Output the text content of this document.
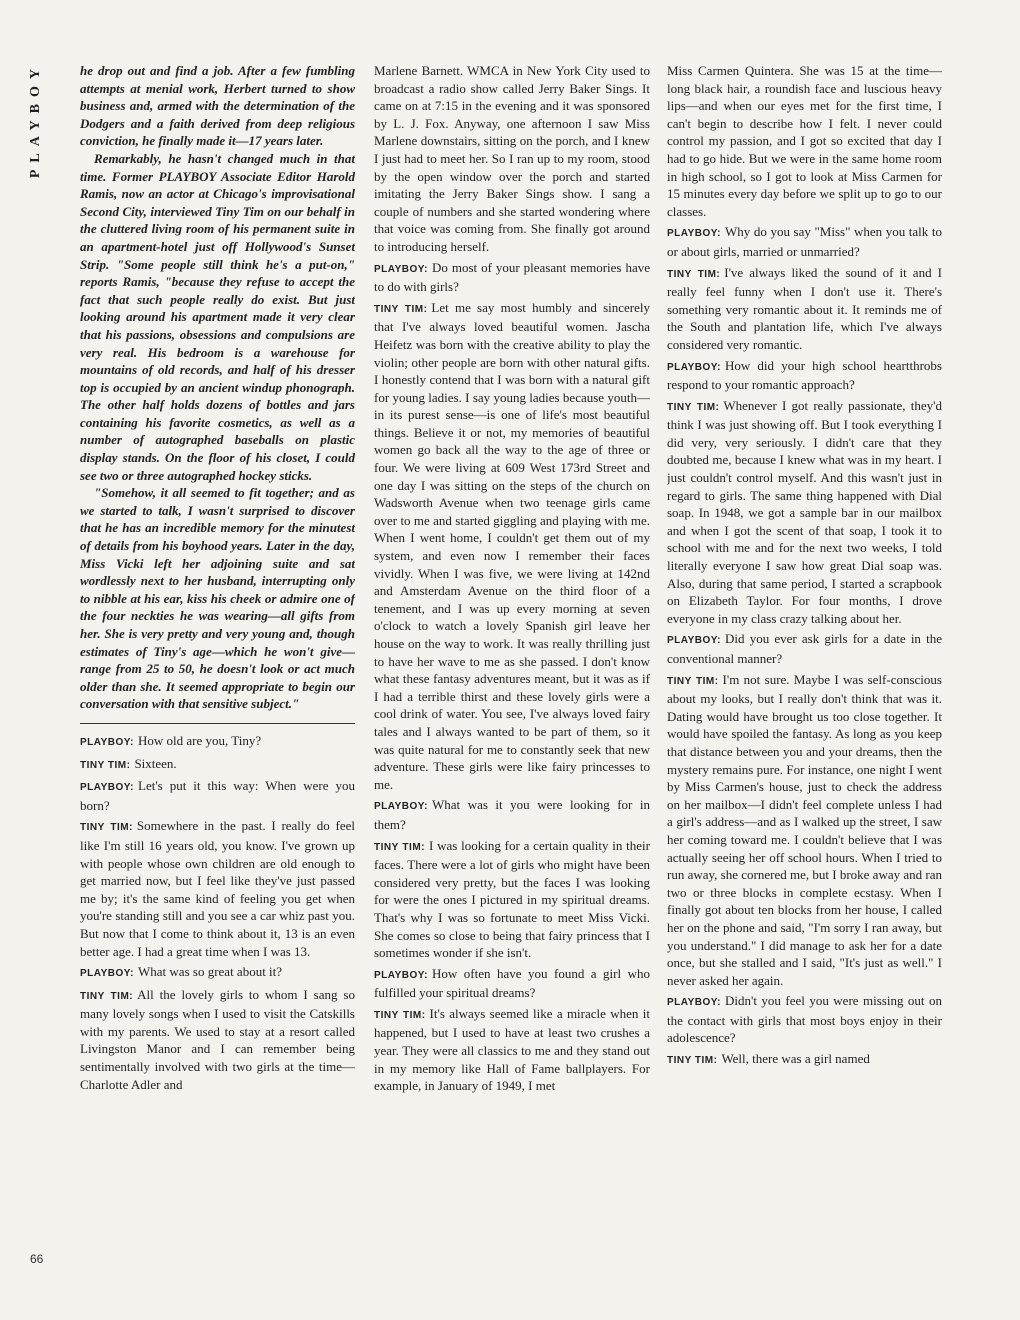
PLAYBOY
66

he drop out and find a job. After a few fumbling attempts at menial work, Herbert turned to show business and, armed with the determination of the Dodgers and a faith derived from deep religious conviction, he finally made it—17 years later.

Remarkably, he hasn't changed much in that time. Former PLAYBOY Associate Editor Harold Ramis, now an actor at Chicago's improvisational Second City, interviewed Tiny Tim on our behalf in the cluttered living room of his permanent suite in an apartment-hotel just off Hollywood's Sunset Strip. "Some people still think he's a put-on," reports Ramis, "because they refuse to accept the fact that such people really do exist. But just looking around his apartment made it very clear that his passions, obsessions and compulsions are very real. His bedroom is a warehouse for mountains of old records, and half of his dresser top is occupied by an ancient windup phonograph. The other half holds dozens of bottles and jars containing his favorite cosmetics, as well as a number of autographed baseballs on plastic display stands. On the floor of his closet, I could see two or three autographed hockey sticks.

"Somehow, it all seemed to fit together; and as we started to talk, I wasn't surprised to discover that he has an incredible memory for the minutest of details from his boyhood years. Later in the day, Miss Vicki left her adjoining suite and sat wordlessly next to her husband, interrupting only to nibble at his ear, kiss his cheek or admire one of the four neckties he was wearing—all gifts from her. She is very pretty and very young and, though estimates of Tiny's age—which he won't give—range from 25 to 50, he doesn't look or act much older than she. It seemed appropriate to begin our conversation with that sensitive subject."

PLAYBOY: How old are you, Tiny?

TINY TIM: Sixteen.

PLAYBOY: Let's put it this way: When were you born?

TINY TIM: Somewhere in the past. I really do feel like I'm still 16 years old, you know. I've grown up with people whose own children are old enough to get married now, but I feel like they've just passed me by; it's the same kind of feeling you get when you're standing still and you see a car whiz past you. But now that I come to think about it, 13 is an even better age. I had a great time when I was 13.

PLAYBOY: What was so great about it?

TINY TIM: All the lovely girls to whom I sang so many lovely songs when I used to visit the Catskills with my parents. We used to stay at a resort called Livingston Manor and I can remember being sentimentally involved with two girls at the time—Charlotte Adler and

Marlene Barnett. WMCA in New York City used to broadcast a radio show called Jerry Baker Sings. It came on at 7:15 in the evening and it was sponsored by L. J. Fox. Anyway, one afternoon I saw Miss Marlene downstairs, sitting on the porch, and I knew I just had to meet her. So I ran up to my room, stood by the open window over the porch and started imitating the Jerry Baker Sings show. I sang a couple of numbers and she started wondering where that voice was coming from. She finally got around to introducing herself.

PLAYBOY: Do most of your pleasant memories have to do with girls?

TINY TIM: Let me say most humbly and sincerely that I've always loved beautiful women. Jascha Heifetz was born with the creative ability to play the violin; other people are born with other natural gifts. I honestly contend that I was born with a natural gift for young ladies. I say young ladies because youth—in its purest sense—is one of life's most beautiful things. Believe it or not, my memories of beautiful women go back all the way to the age of three or four. We were living at 609 West 173rd Street and one day I was sitting on the steps of the church on Wadsworth Avenue when two teenage girls came over to me and started giggling and playing with me. When I went home, I couldn't get them out of my system, and even now I remember their faces vividly. When I was five, we were living at 142nd and Amsterdam Avenue on the third floor of a tenement, and I was up every morning at seven o'clock to watch a lovely Spanish girl leave her house on the way to work. It was really thrilling just to have her wave to me as she passed. I don't know what these fantasy adventures meant, but it was as if I had a terrible thirst and these lovely girls were a cool drink of water. You see, I've always loved fairy tales and I always wanted to be part of them, so it was quite natural for me to constantly seek that new adventure. These girls were like fairy princesses to me.

PLAYBOY: What was it you were looking for in them?

TINY TIM: I was looking for a certain quality in their faces. There were a lot of girls who might have been considered very pretty, but the faces I was looking for were the ones I pictured in my spiritual dreams. That's why I was so fortunate to meet Miss Vicki. She comes so close to being that fairy princess that I sometimes wonder if she isn't.

PLAYBOY: How often have you found a girl who fulfilled your spiritual dreams?

TINY TIM: It's always seemed like a miracle when it happened, but I used to have at least two crushes a year. They were all classics to me and they stand out in my memory like Hall of Fame ballplayers. For example, in January of 1949, I met

Miss Carmen Quintera. She was 15 at the time—long black hair, a roundish face and luscious heavy lips—and when our eyes met for the first time, I can't begin to describe how I felt. I never could control my passion, and I got so excited that day I had to go hide. But we were in the same home room in high school, so I got to look at Miss Carmen for 15 minutes every day before we split up to go to our classes.

PLAYBOY: Why do you say "Miss" when you talk to or about girls, married or unmarried?

TINY TIM: I've always liked the sound of it and I really feel funny when I don't use it. There's something very romantic about it. It reminds me of the South and plantation life, which I've always considered very romantic.

PLAYBOY: How did your high school heartthrobs respond to your romantic approach?

TINY TIM: Whenever I got really passionate, they'd think I was just showing off. But I took everything I did very, very seriously. I didn't care that they doubted me, because I knew what was in my heart. I just couldn't control myself. And this wasn't just in regard to girls. The same thing happened with Dial soap. In 1948, we got a sample bar in our mailbox and when I got the scent of that soap, I took it to school with me and for the next two weeks, I told literally everyone I saw how great Dial soap was. Also, during that same period, I started a scrapbook on Elizabeth Taylor. For four months, I drove everyone in my class crazy talking about her.

PLAYBOY: Did you ever ask girls for a date in the conventional manner?

TINY TIM: I'm not sure. Maybe I was self-conscious about my looks, but I really don't think that was it. Dating would have brought us too close together. It would have spoiled the fantasy. As long as you keep that distance between you and your dreams, then the mystery remains pure. For instance, one night I went by Miss Carmen's house, just to check the address on her mailbox—I didn't feel complete unless I had a girl's address—and as I walked up the street, I saw her coming toward me. I couldn't believe that I was actually seeing her off school hours. When I tried to run away, she cornered me, but I broke away and ran two or three blocks in complete ecstasy. When I finally got about ten blocks from her house, I called her on the phone and said, "I'm sorry I ran away, but you understand." I did manage to ask her for a date once, but she stalled and I said, "It's just as well." I never asked her again.

PLAYBOY: Didn't you feel you were missing out on the contact with girls that most boys enjoy in their adolescence?

TINY TIM: Well, there was a girl named
